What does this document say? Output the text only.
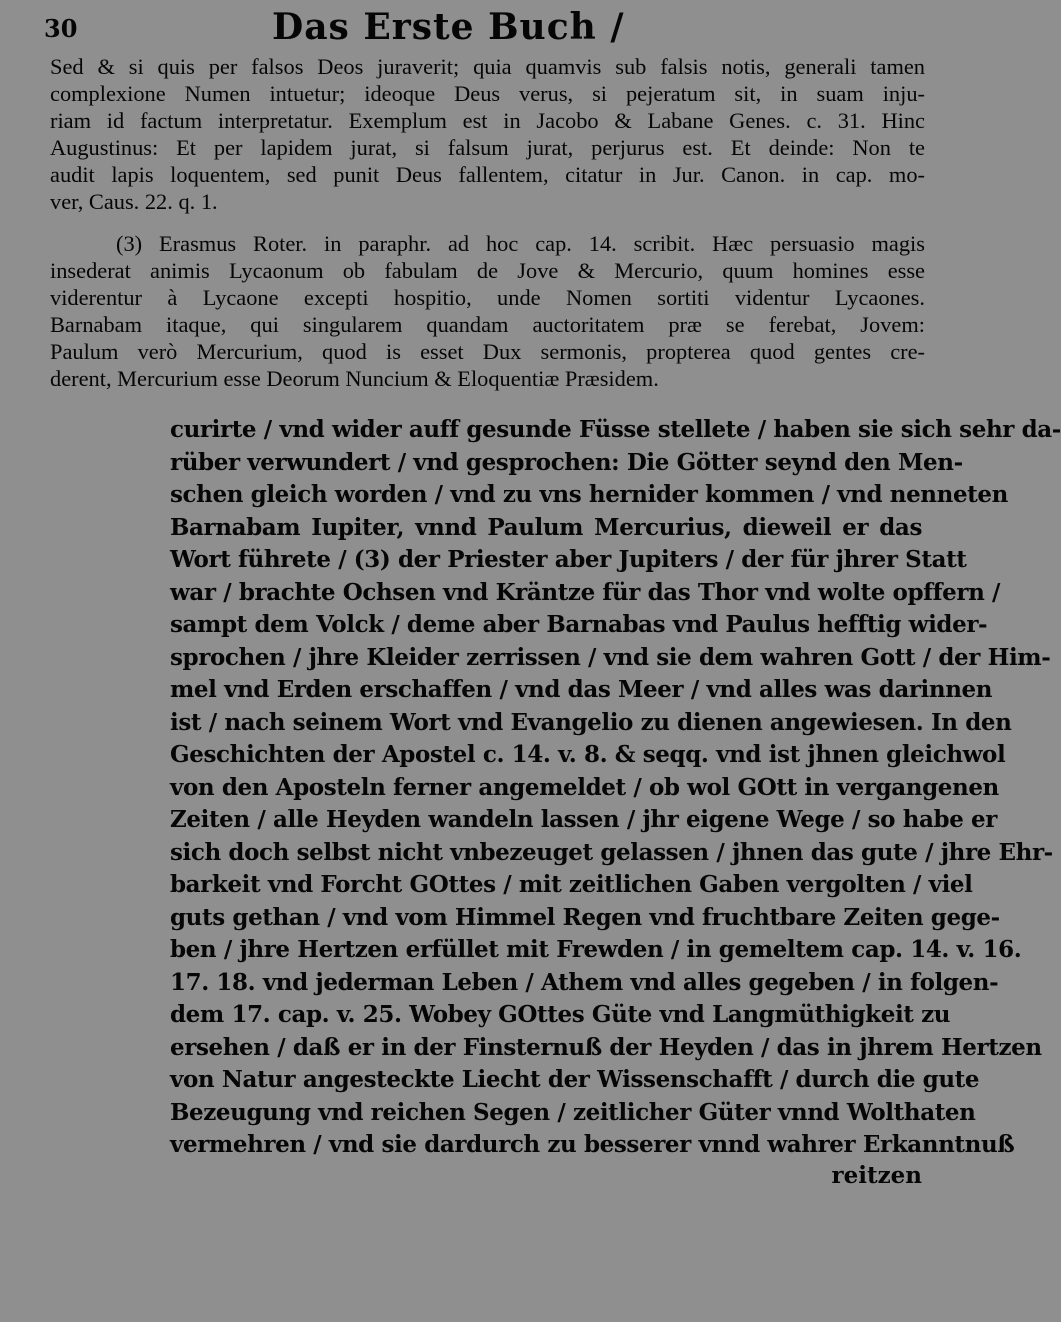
30	Das Erste Buch /
Sed & si quis per falsos Deos juraverit; quia quamvis sub falsis notis, generali tamen
complexione Numen intuetur; ideoque Deus verus, si pejeratum sit, in suam inju-
riam id factum interpretatur. Exemplum est in Jacobo & Labane Genes. c. 31. Hinc
Augustinus: Et per lapidem jurat, si falsum jurat, perjurus est. Et deinde: Non te
audit lapis loquentem, sed punit Deus fallentem, citatur in Jur. Canon. in cap. mo-
ver, Caus. 22. q. 1.
(3) Erasmus Roter. in paraphr. ad hoc cap. 14. scribit. Hæc persuasio magis
insederat animis Lycaonum ob fabulam de Jove & Mercurio, quum homines esse
viderentur à Lycaone excepti hospitio, unde Nomen sortiti videntur Lycaones.
Barnabam itaque, qui singularem quandam auctoritatem præ se ferebat, Jovem:
Paulum verò Mercurium, quod is esset Dux sermonis, propterea quod gentes cre-
derent, Mercurium esse Deorum Nuncium & Eloquentiæ Præsidem.
curirte / vnd wider auff gesunde Füsse stellete / haben sie sich sehr da-
rüber verwundert / vnd gesprochen: Die Götter seynd den Men-
schen gleich worden / vnd zu vns hernider kommen / vnd nenneten
Barnabam Iupiter, vnnd Paulum Mercurius, dieweil er das
Wort führete / (3) der Priester aber Jupiters / der für jhrer Statt
war / brachte Ochsen vnd Kräntze für das Thor vnd wolte opffern /
sampt dem Volck / deme aber Barnabas vnd Paulus hefftig wider-
sprochen / jhre Kleider zerrissen / vnd sie dem wahren Gott / der Him-
mel vnd Erden erschaffen / vnd das Meer / vnd alles was darinnen
ist / nach seinem Wort vnd Evangelio zu dienen angewiesen. In den
Geschichten der Apostel c. 14. v. 8. & seqq. vnd ist jhnen gleichwol
von den Aposteln ferner angemeldet / ob wol GOtt in vergangenen
Zeiten / alle Heyden wandeln lassen / jhr eigene Wege / so habe er
sich doch selbst nicht vnbezeuget gelassen / jhnen das gute / jhre Ehr-
barkeit vnd Forcht GOttes / mit zeitlichen Gaben vergolten / viel
guts gethan / vnd vom Himmel Regen vnd fruchtbare Zeiten gege-
ben / jhre Hertzen erfüllet mit Frewden / in gemeltem cap. 14. v. 16.
17. 18. vnd jederman Leben / Athem vnd alles gegeben / in folgen-
dem 17. cap. v. 25. Wobey GOttes Güte vnd Langmüthigkeit zu
ersehen / daß er in der Finsternuß der Heyden / das in jhrem Hertzen
von Natur angesteckte Liecht der Wissenschafft / durch die gute
Bezeugung vnd reichen Segen / zeitlicher Güter vnnd Wolthaten
vermehren / vnd sie dardurch zu besserer vnnd wahrer Erkanntnuß
reitzen
